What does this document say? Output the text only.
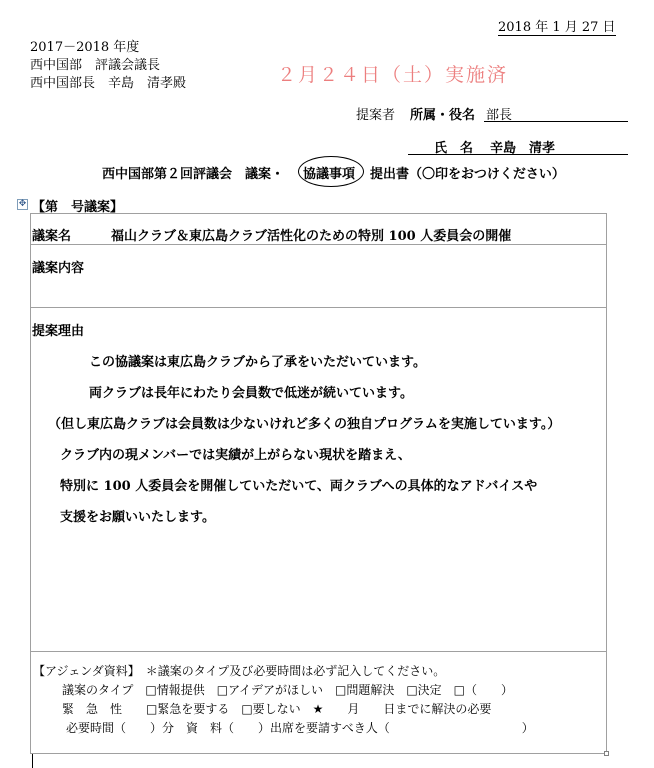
2018 年 1 月 27 日
2017－2018 年度
西中国部　評議会議長
西中国部長　辛島　清孝殿	２月２４日（土）実施済
提案者 所属・役名 部長
氏　名 辛島　清孝
西中国部第２回評議会　議案・ 協議事項 提出書（〇印をおつけください）
✥ 【第　号議案】
議案名	福山クラブ＆東広島クラブ活性化のための特別 100 人委員会の開催
議案内容
提案理由
この協議案は東広島クラブから了承をいただいています。
両クラブは長年にわたり会員数で低迷が続いています。
（但し東広島クラブは会員数は少ないけれど多くの独自プログラムを実施しています。）
クラブ内の現メンバーでは実績が上がらない現状を踏まえ、
特別に 100 人委員会を開催していただいて、両クラブへの具体的なアドバイスや
支援をお願いいたします。
【アジェンダ資料】　＊議案のタイプ及び必要時間は必ず記入してください。
議案のタイプ　□情報提供　□アイデアがほしい　□問題解決　□決定　□（　　）
緊　急　性　　□緊急を要する　□要しない　★　　月　　日までに解決の必要
必要時間（　　）分　資　料（　　）出席を要請すべき人（　　　　　　　　　　　）
